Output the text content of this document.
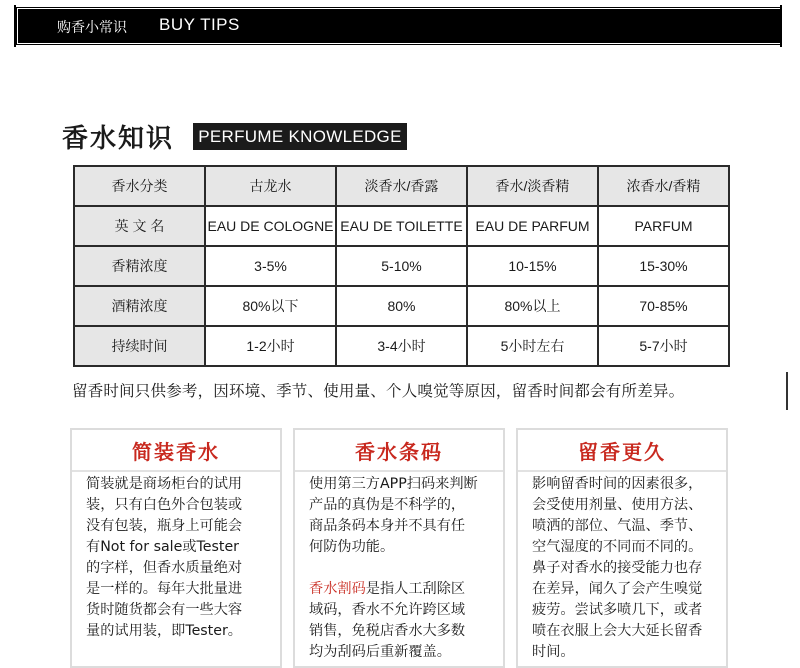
购香小常识 BUY TIPS
香水知识	PERFUME KNOWLEDGE
香水分类	古龙水	淡香水/香露	香水/淡香精	浓香水/香精
英 文 名	EAU DE COLOGNE	EAU DE TOILETTE	EAU DE PARFUM	PARFUM
香精浓度	3-5%	5-10%	10-15%	15-30%
酒精浓度	80%以下	80%	80%以上	70-85%
持续时间	1-2小时	3-4小时	5小时左右	5-7小时
留香时间只供参考，因环境、季节、使用量、个人嗅觉等原因，留香时间都会有所差异。
简装香水

简装就是商场柜台的试用

装，只有白色外合包装或

没有包装，瓶身上可能会

有Not for sale或Tester

的字样，但香水质量绝对

是一样的。每年大批量进

货时随货都会有一些大容

量的试用装，即Tester。

香水条码

使用第三方APP扫码来判断

产品的真伪是不科学的，

商品条码本身并不具有任

何防伪功能。

香水割码是指人工刮除区

域码，香水不允许跨区域

销售，免税店香水大多数

均为刮码后重新覆盖。

留香更久

影响留香时间的因素很多，

会受使用剂量、使用方法、

喷洒的部位、气温、季节、

空气湿度的不同而不同的。

鼻子对香水的接受能力也存

在差异，闻久了会产生嗅觉

疲劳。尝试多喷几下，或者

喷在衣服上会大大延长留香

时间。
